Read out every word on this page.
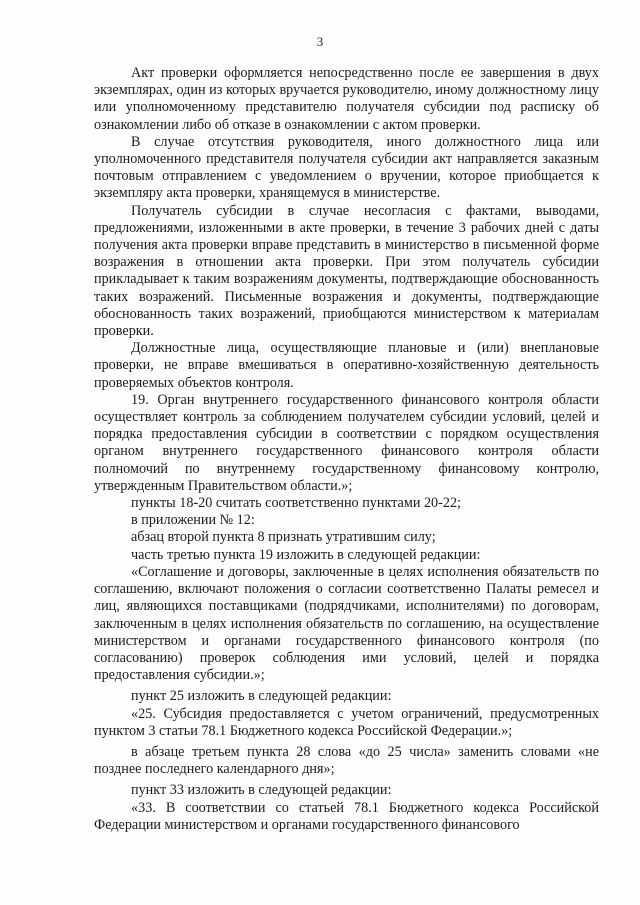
3

Акт проверки оформляется непосредственно после ее завершения в двух экземплярах, один из которых вручается руководителю, иному должностному лицу или уполномоченному представителю получателя субсидии под расписку об ознакомлении либо об отказе в ознакомлении с актом проверки.

В случае отсутствия руководителя, иного должностного лица или уполномоченного представителя получателя субсидии акт направляется заказным почтовым отправлением с уведомлением о вручении, которое приобщается к экземпляру акта проверки, хранящемуся в министерстве.

Получатель субсидии в случае несогласия с фактами, выводами, предложениями, изложенными в акте проверки, в течение 3 рабочих дней с даты получения акта проверки вправе представить в министерство в письменной форме возражения в отношении акта проверки. При этом получатель субсидии прикладывает к таким возражениям документы, подтверждающие обоснованность таких возражений. Письменные возражения и документы, подтверждающие обоснованность таких возражений, приобщаются министерством к материалам проверки.

Должностные лица, осуществляющие плановые и (или) внеплановые проверки, не вправе вмешиваться в оперативно-хозяйственную деятельность проверяемых объектов контроля.

19. Орган внутреннего государственного финансового контроля области осуществляет контроль за соблюдением получателем субсидии условий, целей и порядка предоставления субсидии в соответствии с порядком осуществления органом внутреннего государственного финансового контроля области полномочий по внутреннему государственному финансовому контролю, утвержденным Правительством области.»;

пункты 18-20 считать соответственно пунктами 20-22;

в приложении № 12:

абзац второй пункта 8 признать утратившим силу;

часть третью пункта 19 изложить в следующей редакции:

«Соглашение и договоры, заключенные в целях исполнения обязательств по соглашению, включают положения о согласии соответственно Палаты ремесел и лиц, являющихся поставщиками (подрядчиками, исполнителями) по договорам, заключенным в целях исполнения обязательств по соглашению, на осуществление министерством и органами государственного финансового контроля (по согласованию) проверок соблюдения ими условий, целей и порядка предоставления субсидии.»;

пункт 25 изложить в следующей редакции:

«25. Субсидия предоставляется с учетом ограничений, предусмотренных пунктом 3 статьи 78.1 Бюджетного кодекса Российской Федерации.»;

в абзаце третьем пункта 28 слова «до 25 числа» заменить словами «не позднее последнего календарного дня»;

пункт 33 изложить в следующей редакции:

«33. В соответствии со статьей 78.1 Бюджетного кодекса Российской Федерации министерством и органами государственного финансового
